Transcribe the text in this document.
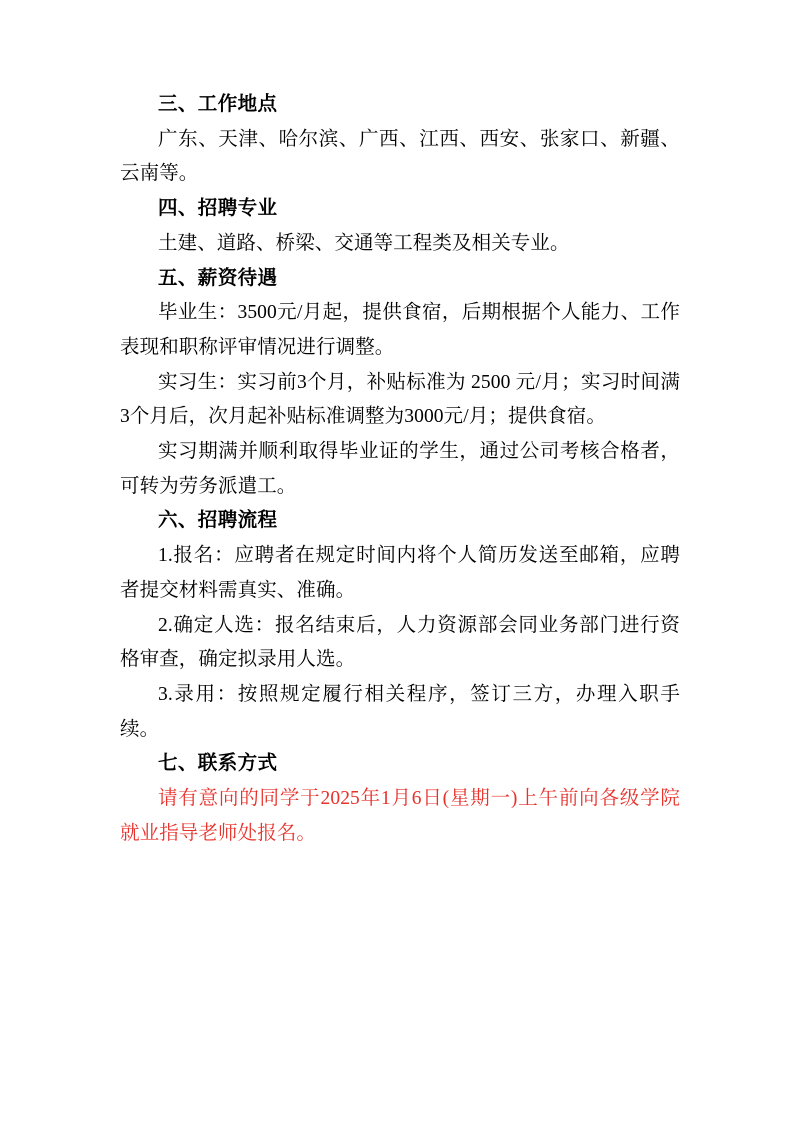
三、工作地点

广东、天津、哈尔滨、广西、江西、西安、张家口、新疆、云南等。

四、招聘专业

土建、道路、桥梁、交通等工程类及相关专业。

五、薪资待遇

毕业生：3500元/月起，提供食宿，后期根据个人能力、工作表现和职称评审情况进行调整。

实习生：实习前3个月，补贴标准为 2500 元/月；实习时间满3个月后，次月起补贴标准调整为3000元/月；提供食宿。

实习期满并顺利取得毕业证的学生，通过公司考核合格者，可转为劳务派遣工。

六、招聘流程

1.报名：应聘者在规定时间内将个人简历发送至邮箱，应聘者提交材料需真实、准确。

2.确定人选：报名结束后，人力资源部会同业务部门进行资格审查，确定拟录用人选。

3.录用：按照规定履行相关程序，签订三方，办理入职手续。

七、联系方式

请有意向的同学于2025年1月6日(星期一)上午前向各级学院就业指导老师处报名。
